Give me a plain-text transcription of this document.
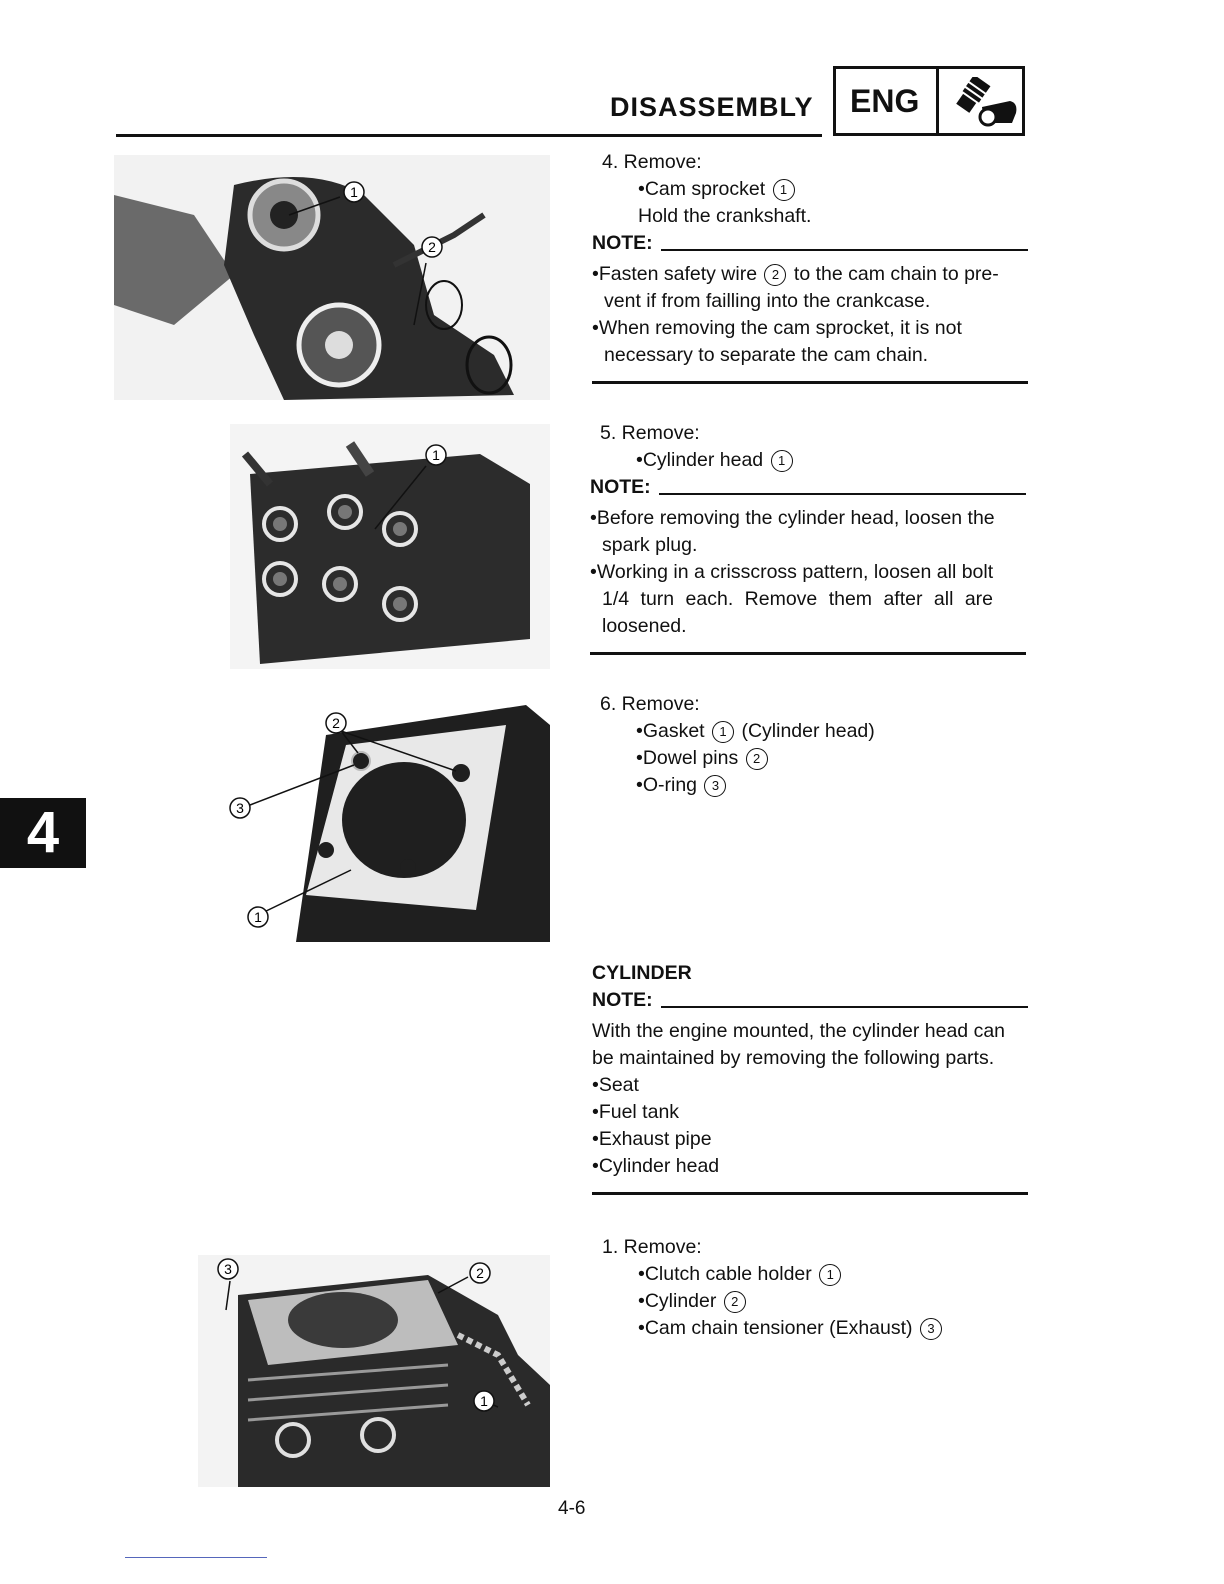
DISASSEMBLY ENG
4
1
2
1
2
3
1
3	2
1
4. Remove:
•Cam sprocket 1
Hold the crankshaft.
NOTE:
•Fasten safety wire 2 to the cam chain to pre-
vent if from failling into the crankcase.
•When removing the cam sprocket, it is not
necessary to separate the cam chain.
5. Remove:
•Cylinder head 1
NOTE:
•Before removing the cylinder head, loosen the
spark plug.
•Working in a crisscross pattern, loosen all bolt
1/4 turn each. Remove them after all are
loosened.
6. Remove:
•Gasket 1 (Cylinder head)
•Dowel pins 2
•O-ring 3
CYLINDER
NOTE:
With the engine mounted, the cylinder head can
be maintained by removing the following parts.
•Seat
•Fuel tank
•Exhaust pipe
•Cylinder head
1. Remove:
•Clutch cable holder 1
•Cylinder 2
•Cam chain tensioner (Exhaust) 3
4-6
